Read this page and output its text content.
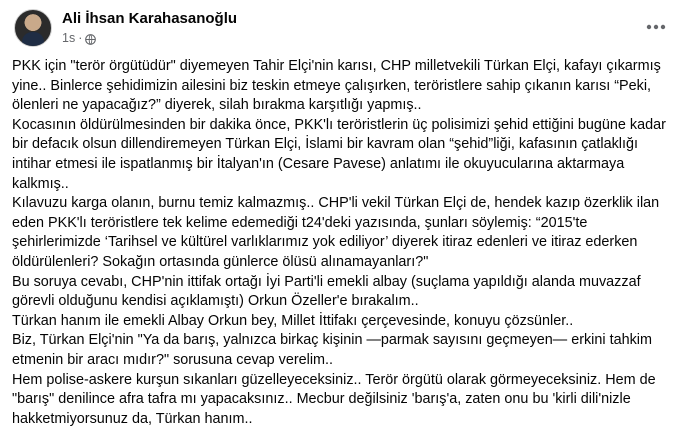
Ali İhsan Karahasanoğlu
1s ·

PKK için "terör örgütüdür" diyemeyen Tahir Elçi'nin karısı, CHP milletvekili Türkan Elçi, kafayı çıkarmış yine.. Binlerce şehidimizin ailesini biz teskin etmeye çalışırken, teröristlere sahip çıkanın karısı “Peki, ölenleri ne yapacağız?” diyerek, silah bırakma karşıtlığı yapmış..

Kocasının öldürülmesinden bir dakika önce, PKK'lı teröristlerin üç polisimizi şehid ettiğini bugüne kadar bir defacık olsun dillendiremeyen Türkan Elçi, İslami bir kavram olan “şehid”liği, kafasının çatlaklığı intihar etmesi ile ispatlanmış bir İtalyan'ın (Cesare Pavese) anlatımı ile okuyucularına aktarmaya kalkmış..

Kılavuzu karga olanın, burnu temiz kalmazmış.. CHP'li vekil Türkan Elçi de, hendek kazıp özerklik ilan eden PKK'lı teröristlere tek kelime edemediği t24'deki yazısında, şunları söylemiş: “2015'te şehirlerimizde ‘Tarihsel ve kültürel varlıklarımız yok ediliyor’ diyerek itiraz edenleri ve itiraz ederken öldürülenleri? Sokağın ortasında günlerce ölüsü alınamayanları?"

Bu soruya cevabı, CHP'nin ittifak ortağı İyi Parti'li emekli albay (suçlama yapıldığı alanda muvazzaf görevli olduğunu kendisi açıklamıştı) Orkun Özeller'e bırakalım..

Türkan hanım ile emekli Albay Orkun bey, Millet İttifakı çerçevesinde, konuyu çözsünler..

Biz, Türkan Elçi'nin "Ya da barış, yalnızca birkaç kişinin —parmak sayısını geçmeyen— erkini tahkim etmenin bir aracı mıdır?" sorusuna cevap verelim..

Hem polise-askere kurşun sıkanları güzelleyeceksiniz.. Terör örgütü olarak görmeyeceksiniz. Hem de "barış" denilince afra tafra mı yapacaksınız.. Mecbur değilsiniz 'barış'a, zaten onu bu 'kirli dili'nizle hakketmiyorsunuz da, Türkan hanım..
